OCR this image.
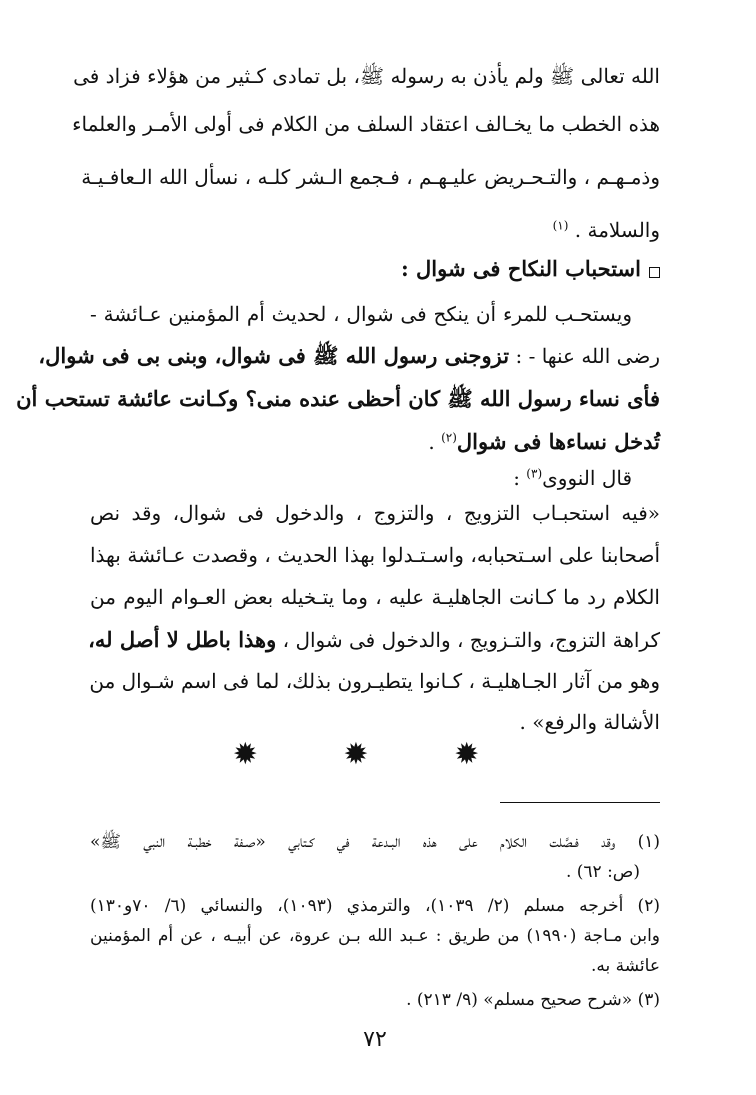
الله تعالى ﷺ ولم يأذن به رسوله ﷺ، بل تمادى كـثير من هؤلاء فزاد فى

هذه الخطب ما يخـالف اعتقاد السلف من الكلام فى أولى الأمـر والعلماء

وذمـهـم ، والتـحـريض عليـهـم ، فـجمع الـشر كلـه ، نسأل الله الـعافـيـة

والسلامة . $^{(١)}$

استحباب النكاح فى شوال :

ويستحـب للمرء أن ينكح فى شوال ، لحديث أم المؤمنين عـائشة -

رضى الله عنها - : تزوجنى رسول الله ﷺ فى شوال، وبنى بى فى شوال،

فأى نساء رسول الله ﷺ كان أحظى عنده منى؟ وكـانت عائشة تستحب أن

تُدخل نساءها فى شوال$^{(٢)}$ .

قال النووى$^{(٣)}$ :

«فيه استحبـاب التزويج ، والتزوج ، والدخول فى شوال، وقد نص

أصحابنا على اسـتحبابه، واسـتـدلوا بهذا الحديث ، وقصدت عـائشة بهذا

الكلام رد ما كـانت الجاهليـة عليه ، وما يتـخيله بعض العـوام اليوم من

كراهة التزوج، والتـزويج ، والدخول فى شوال ، وهذا باطل لا أصل له،

وهو من آثار الجـاهليـة ، كـانوا يتطيـرون بذلك، لما فى اسم شـوال من

الأشالة والرفع» .

✹ ✹ ✹

(١) وقد فـصَّلت الكلام على هذه البـدعة في كـتابي «صـفة خطبـة النبي ﷺ»

(ص: ٦٢) .

(٢) أخرجه مسلم (٢/ ١٠٣٩)، والترمذي (١٠٩٣)، والنسائي (٦/ ٧٠و١٣٠)

وابن مـاجة (١٩٩٠) من طريق : عـبد الله بـن عروة، عن أبيـه ، عن أم المؤمنين

عائشة به.

(٣) «شرح صحيح مسلم» (٩/ ٢١٣) .

٧٢
